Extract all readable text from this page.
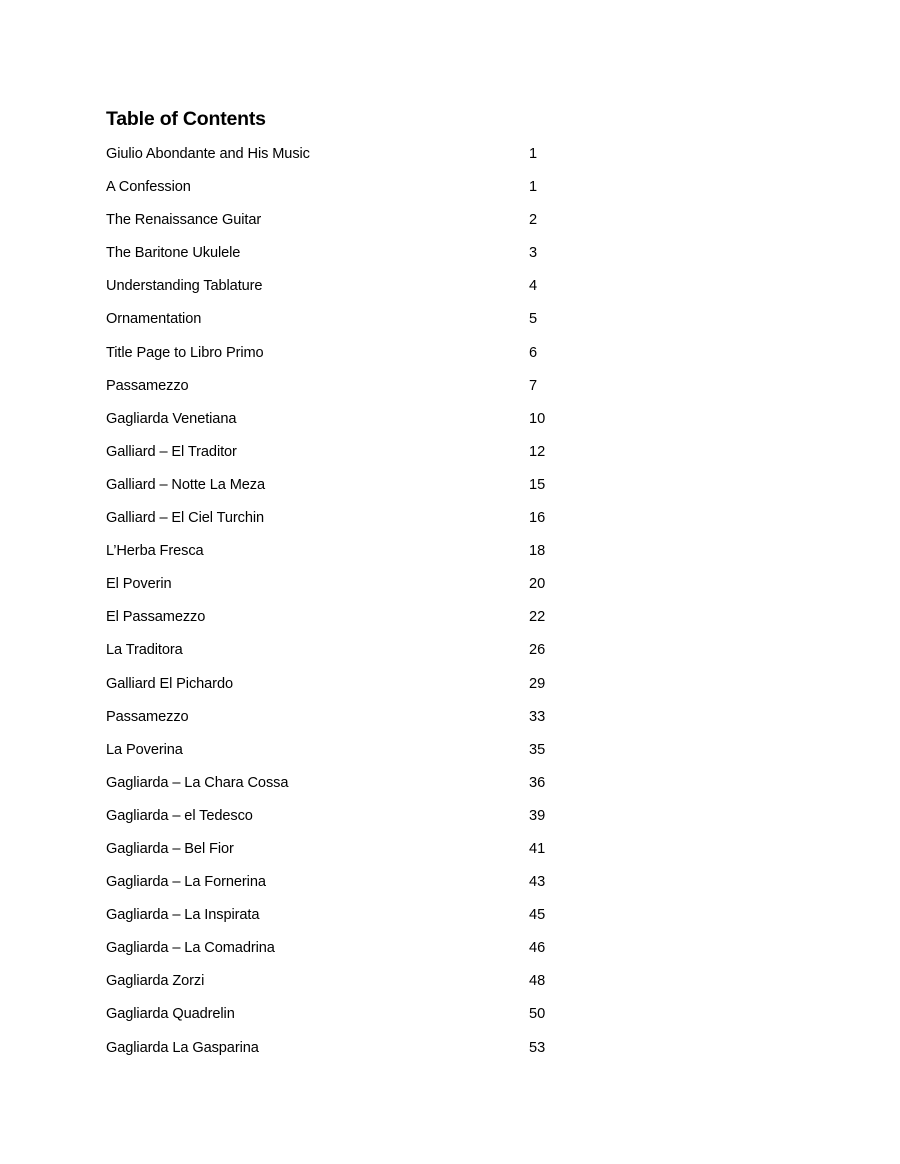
Table of Contents
Giulio Abondante and His Music	1
A Confession	1
The Renaissance Guitar	2
The Baritone Ukulele	3
Understanding Tablature	4
Ornamentation	5
Title Page to Libro Primo	6
Passamezzo	7
Gagliarda Venetiana	10
Galliard – El Traditor	12
Galliard – Notte La Meza	15
Galliard – El Ciel Turchin	16
L’Herba Fresca	18
El Poverin	20
El Passamezzo	22
La Traditora	26
Galliard El Pichardo	29
Passamezzo	33
La Poverina	35
Gagliarda – La Chara Cossa	36
Gagliarda – el Tedesco	39
Gagliarda – Bel Fior	41
Gagliarda – La Fornerina	43
Gagliarda – La Inspirata	45
Gagliarda – La Comadrina	46
Gagliarda Zorzi	48
Gagliarda Quadrelin	50
Gagliarda La Gasparina	53
